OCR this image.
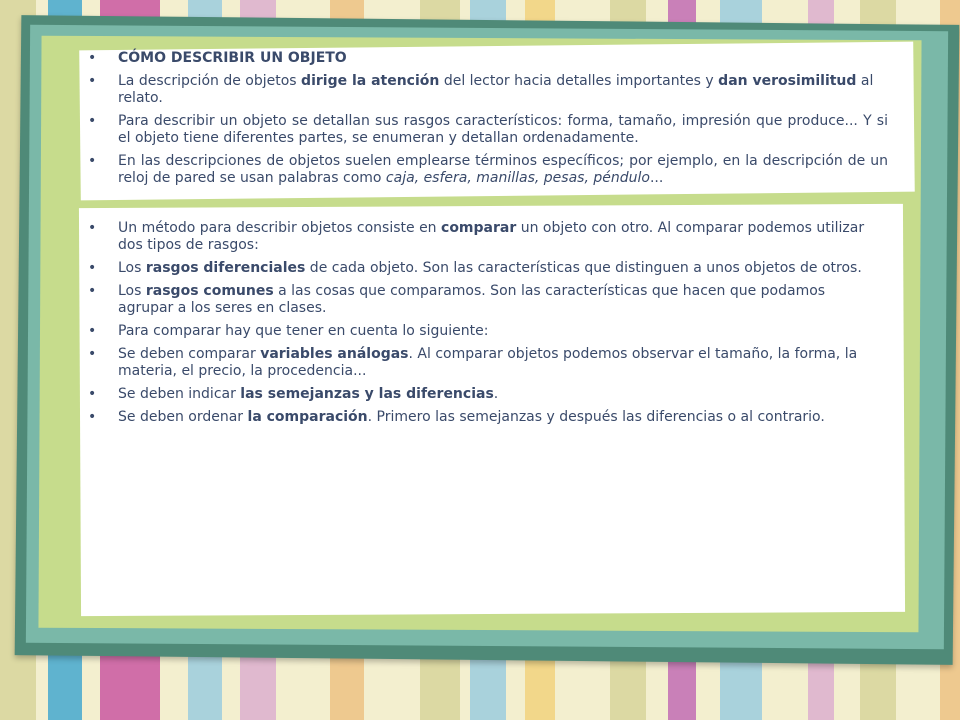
• CÓMO DESCRIBIR UN OBJETO
• La descripción de objetos dirige la atención del lector hacia detalles importantes y dan verosimilitud al relato.
• Para describir un objeto se detallan sus rasgos característicos: forma, tamaño, impresión que produce... Y si el objeto tiene diferentes partes, se enumeran y detallan ordenadamente.
• En las descripciones de objetos suelen emplearse términos específicos; por ejemplo, en la descripción de un reloj de pared se usan palabras como caja, esfera, manillas, pesas, péndulo...
• Un método para describir objetos consiste en comparar un objeto con otro. Al comparar podemos utilizar dos tipos de rasgos:
• Los rasgos diferenciales de cada objeto. Son las características que distinguen a unos objetos de otros.
• Los rasgos comunes a las cosas que comparamos. Son las características que hacen que podamos agrupar a los seres en clases.
• Para comparar hay que tener en cuenta lo siguiente:
• Se deben comparar variables análogas. Al comparar objetos podemos observar el tamaño, la forma, la materia, el precio, la procedencia...
• Se deben indicar las semejanzas y las diferencias.
• Se deben ordenar la comparación. Primero las semejanzas y después las diferencias o al contrario.
